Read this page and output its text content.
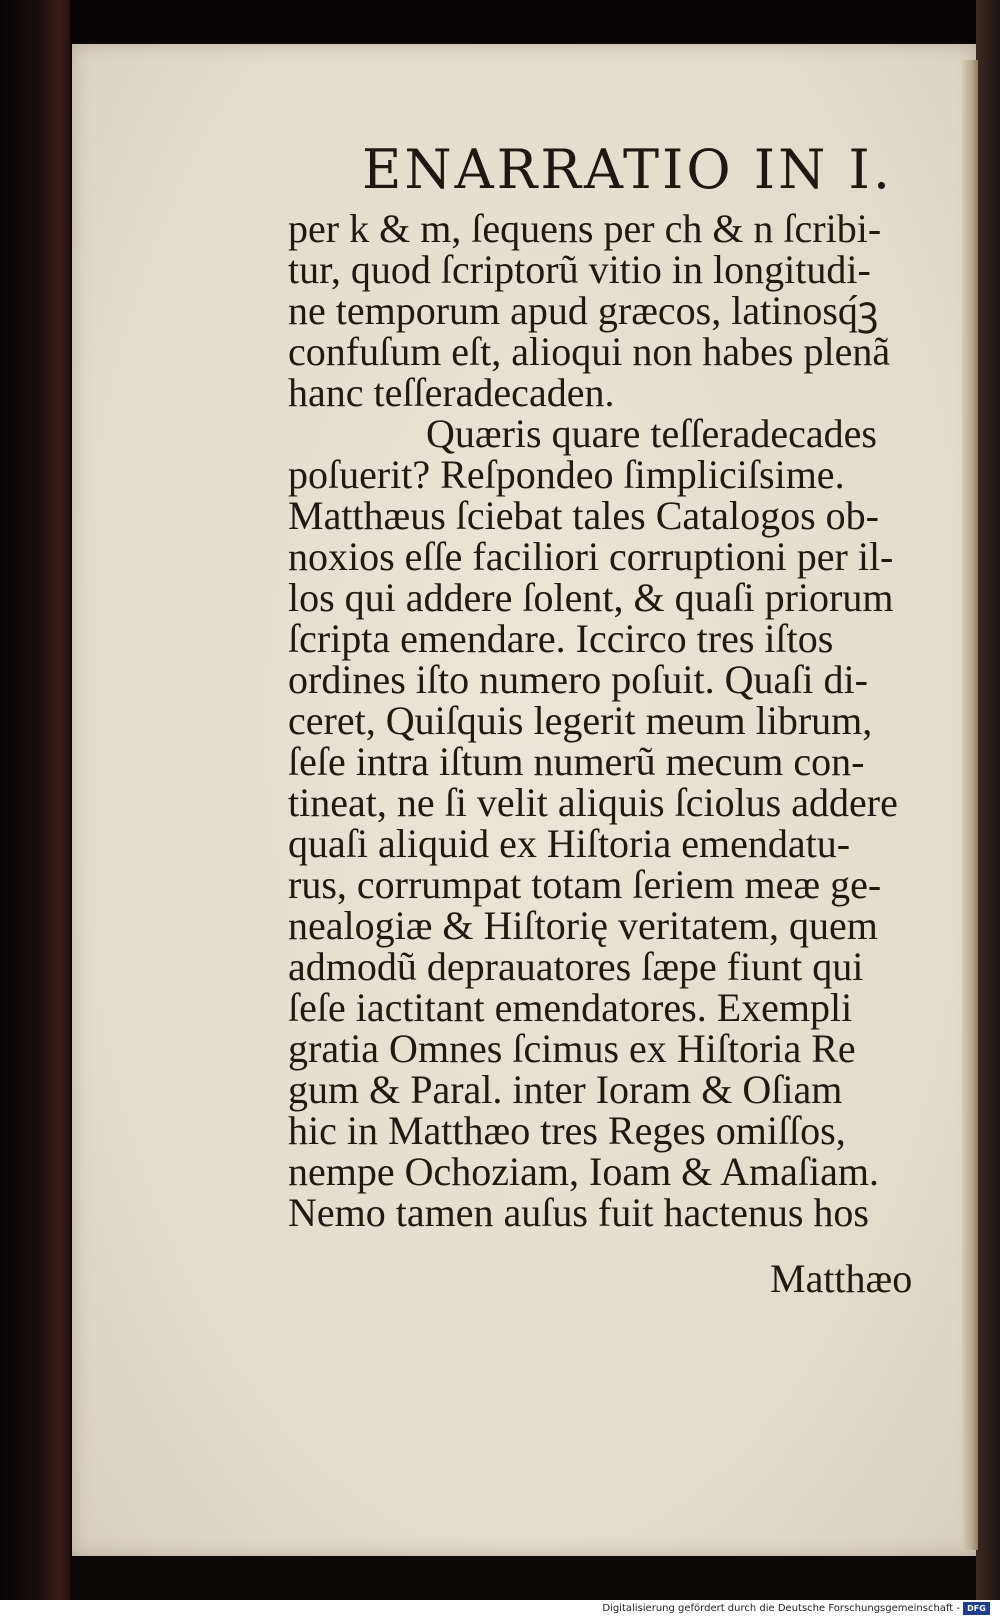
ENARRATIO IN I.
per k & m, ſequens per ch & n ſcribi-
tur, quod ſcriptorũ vitio in longitudi-
ne temporum apud græcos, latinosq́ꝫ
confuſum eſt, alioqui non habes plenã
hanc teſſeradecaden.
Quæris quare teſſeradecades
poſuerit? Reſpondeo ſimpliciſsime.
Matthæus ſciebat tales Catalogos ob-
noxios eſſe faciliori corruptioni per il-
los qui addere ſolent, & quaſi priorum
ſcripta emendare. Iccirco tres iſtos
ordines iſto numero poſuit. Quaſi di-
ceret, Quiſquis legerit meum librum,
ſeſe intra iſtum numerũ mecum con-
tineat, ne ſi velit aliquis ſciolus addere
quaſi aliquid ex Hiſtoria emendatu-
rus, corrumpat totam ſeriem meæ ge-
nealogiæ & Hiſtorię veritatem, quem
admodũ deprauatores ſæpe fiunt qui
ſeſe iactitant emendatores. Exempli
gratia Omnes ſcimus ex Hiſtoria Re
gum & Paral. inter Ioram & Oſiam
hic in Matthæo tres Reges omiſſos,
nempe Ochoziam, Ioam & Amaſiam.
Nemo tamen auſus fuit hactenus hos
Matthæo
Digitalisierung gefördert durch die Deutsche Forschungsgemeinschaft - DFG
